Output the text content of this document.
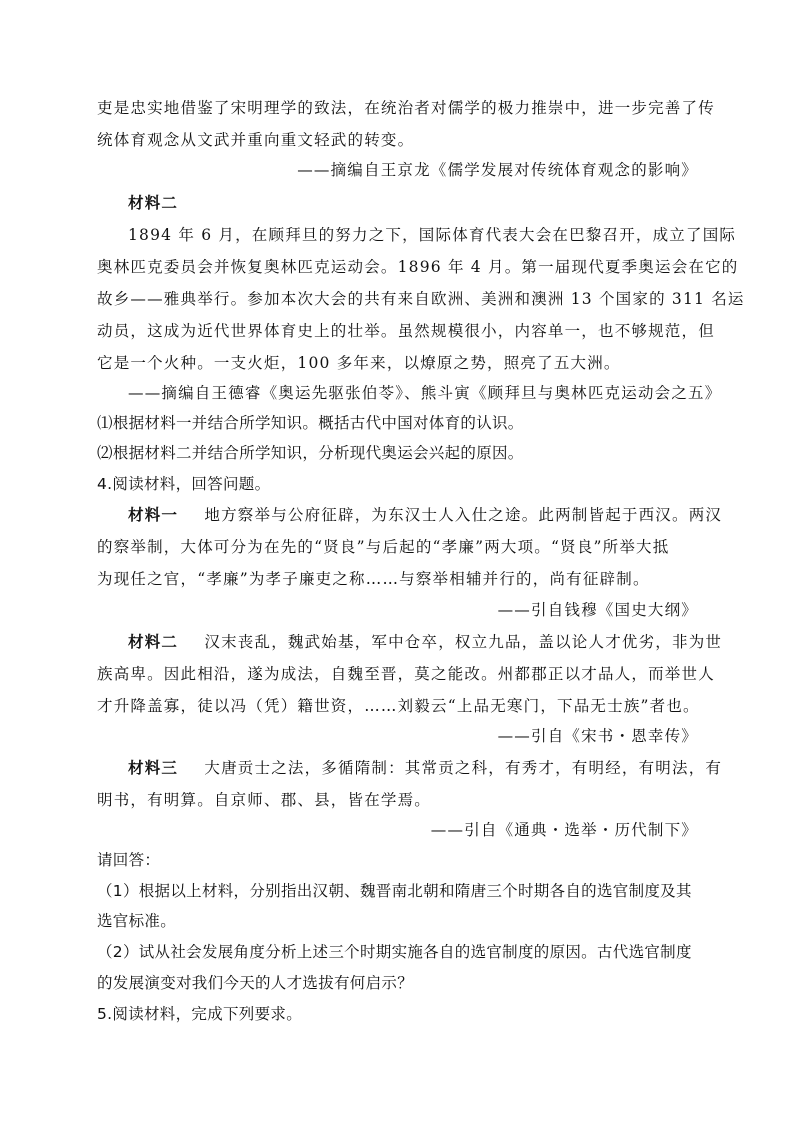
吏是忠实地借鉴了宋明理学的致法，在统治者对儒学的极力推崇中，进一步完善了传
统体育观念从文武并重向重文轻武的转变。
——摘编自王京龙《儒学发展对传统体育观念的影响》
材料二
1894 年 6 月，在顾拜旦的努力之下，国际体育代表大会在巴黎召开，成立了国际
奥林匹克委员会并恢复奥林匹克运动会。1896 年 4 月。第一届现代夏季奥运会在它的
故乡——雅典举行。参加本次大会的共有来自欧洲、美洲和澳洲 13 个国家的 311 名运
动员，这成为近代世界体育史上的壮举。虽然规模很小，内容单一，也不够规范，但
它是一个火种。一支火炬，100 多年来，以燎原之势，照亮了五大洲。
——摘编自王德睿《奥运先驱张伯苓》、熊斗寅《顾拜旦与奥林匹克运动会之五》
⑴根据材料一并结合所学知识。概括古代中国对体育的认识。
⑵根据材料二并结合所学知识，分析现代奥运会兴起的原因。
4.阅读材料，回答问题。
材料一 地方察举与公府征辟，为东汉士人入仕之途。此两制皆起于西汉。两汉
的察举制，大体可分为在先的“贤良”与后起的“孝廉”两大项。“贤良”所举大抵
为现任之官，“孝廉”为孝子廉吏之称……与察举相辅并行的，尚有征辟制。
——引自钱穆《国史大纲》
材料二 汉末丧乱，魏武始基，军中仓卒，权立九品，盖以论人才优劣，非为世
族高卑。因此相沿，遂为成法，自魏至晋，莫之能改。州都郡正以才品人，而举世人
才升降盖寡，徒以冯（凭）籍世资，……刘毅云“上品无寒门，下品无士族”者也。
——引自《宋书・恩幸传》
材料三 大唐贡士之法，多循隋制：其常贡之科，有秀才，有明经，有明法，有
明书，有明算。自京师、郡、县，皆在学焉。
——引自《通典・选举・历代制下》
请回答：
（1）根据以上材料，分别指出汉朝、魏晋南北朝和隋唐三个时期各自的选官制度及其
选官标准。
（2）试从社会发展角度分析上述三个时期实施各自的选官制度的原因。古代选官制度
的发展演变对我们今天的人才选拔有何启示？
5.阅读材料，完成下列要求。
